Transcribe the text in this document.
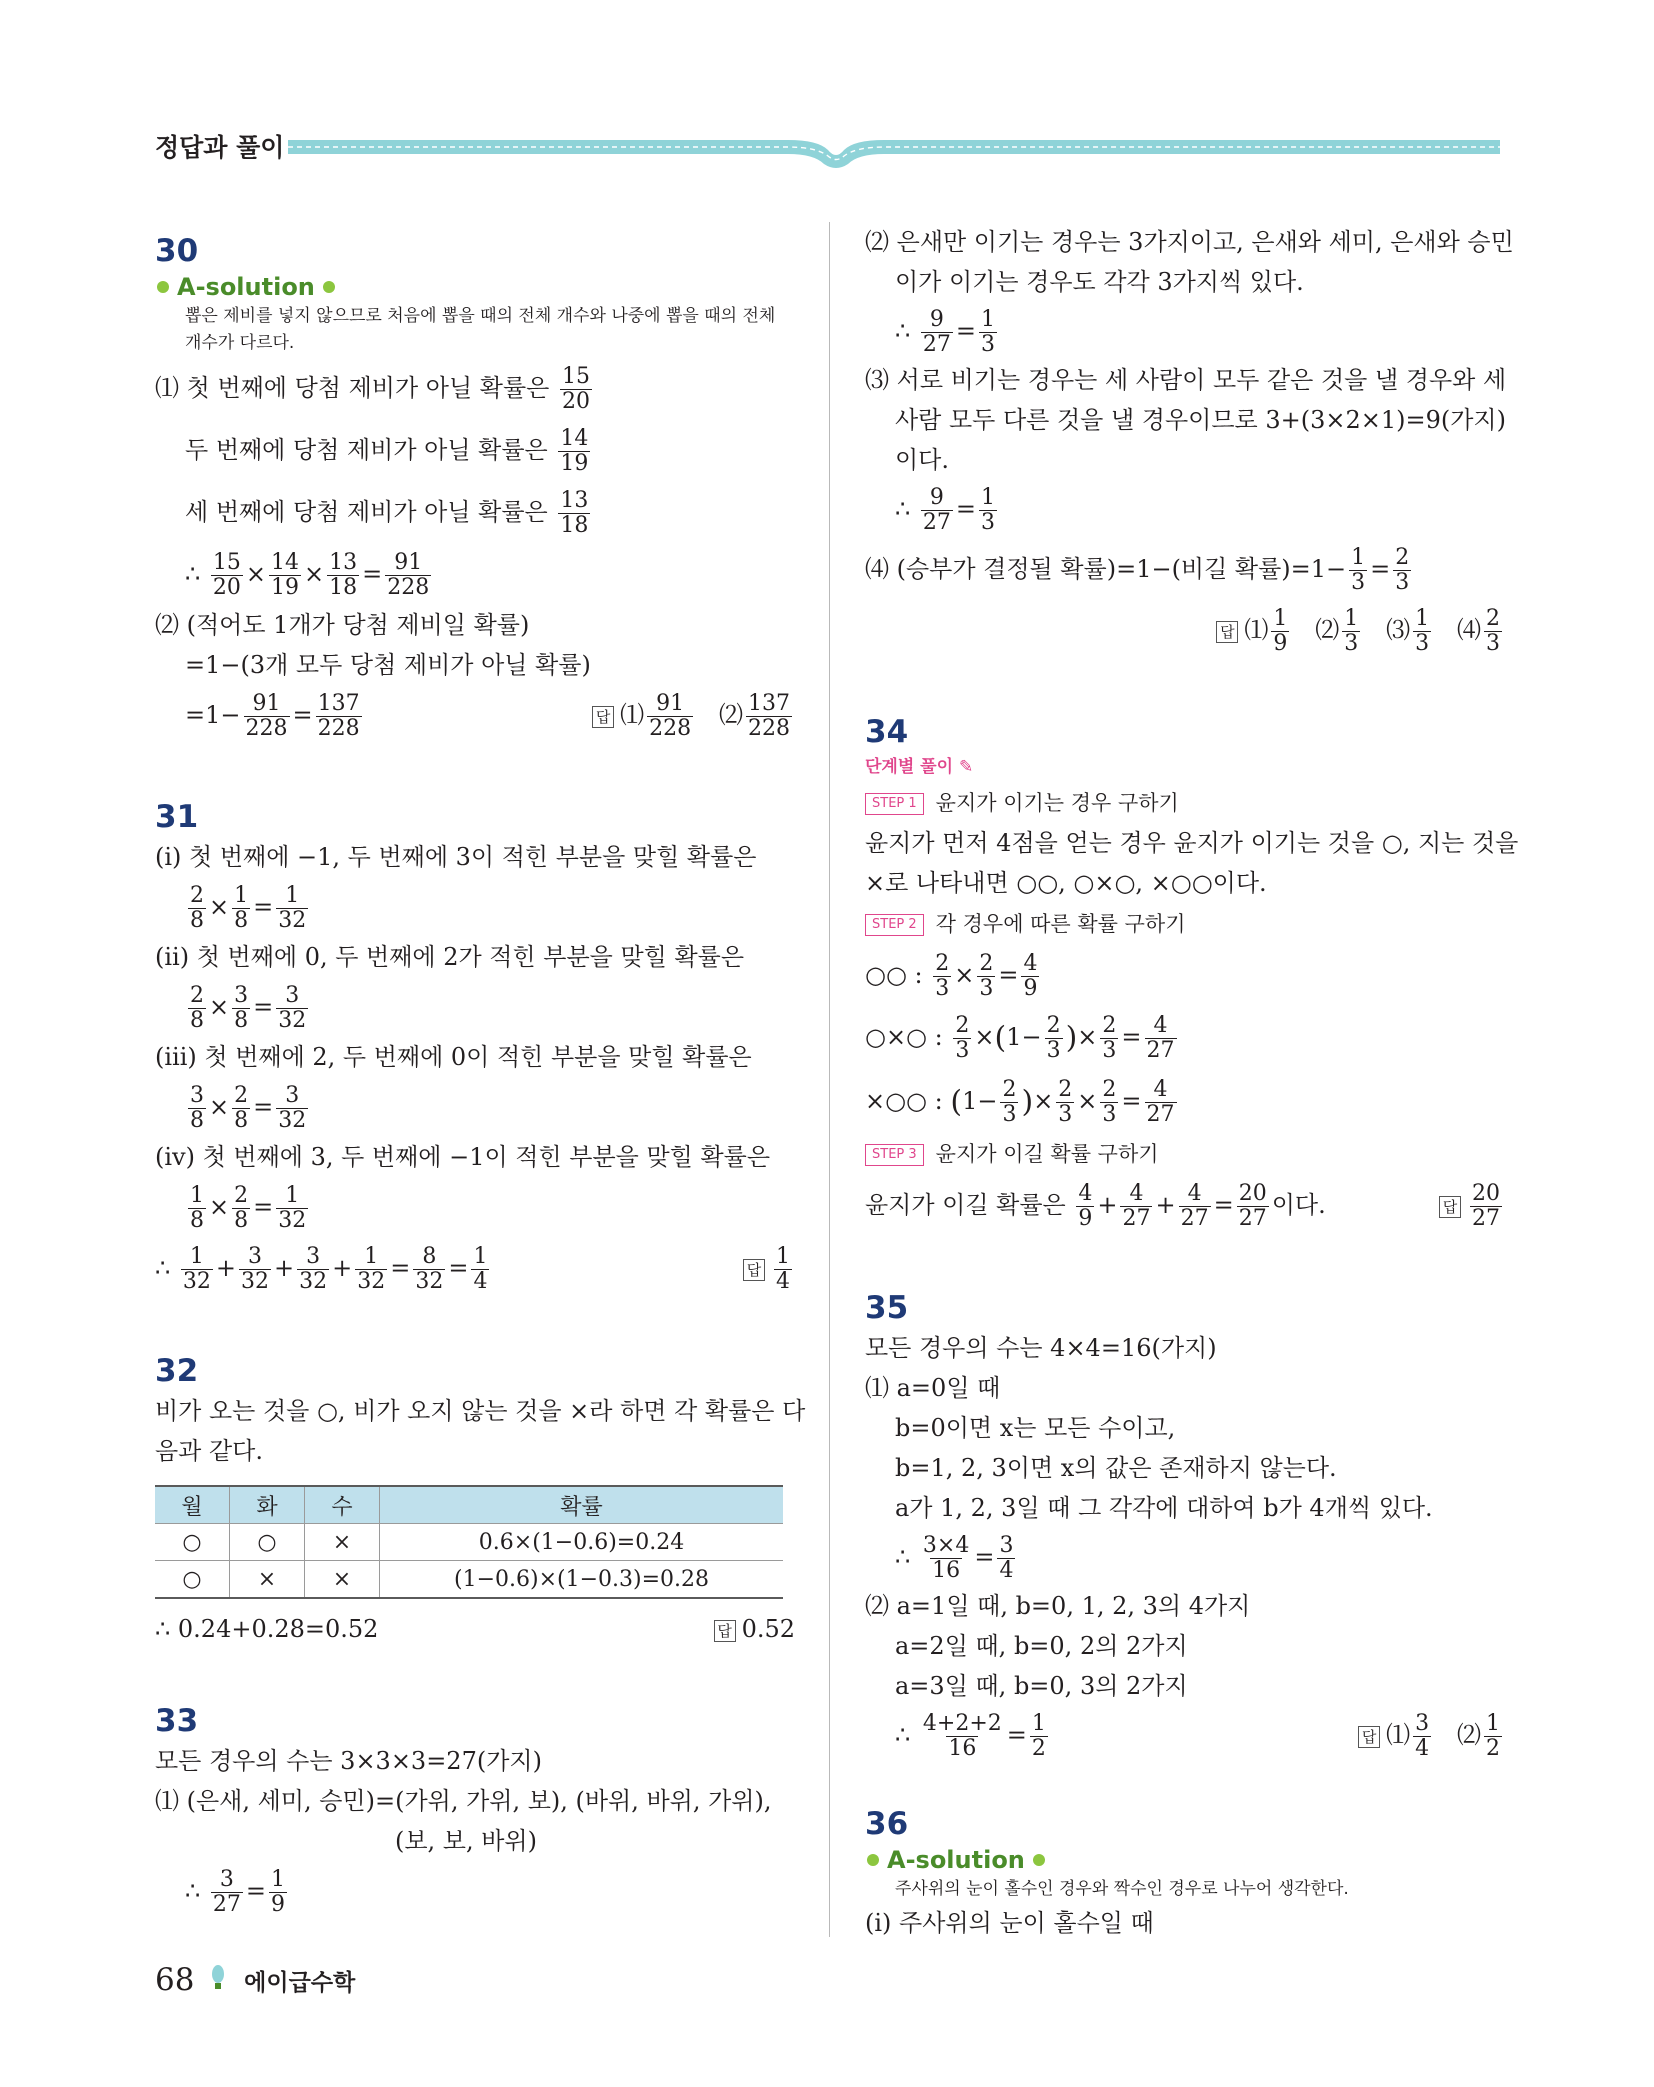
정답과 풀이
30
A-solution
뽑은 제비를 넣지 않으므로 처음에 뽑을 때의 전체 개수와 나중에 뽑을 때의 전체 개수가 다르다.
⑴ 첫 번째에 당첨 제비가 아닐 확률은 $\frac{15}{20}$
두 번째에 당첨 제비가 아닐 확률은 $\frac{14}{19}$
세 번째에 당첨 제비가 아닐 확률은 $\frac{13}{18}$
∴ $\frac{15}{20} \times \frac{14}{19} \times \frac{13}{18} = \frac{91}{228}$
⑵ (적어도 1개가 당첨 제비일 확률)
=1−(3개 모두 당첨 제비가 아닐 확률)
$=1- \frac{91}{228} = \frac{137}{228}$	답 ⑴ $\frac{91}{228}$ ⑵ $\frac{137}{228}$
31
(ⅰ) 첫 번째에 −1, 두 번째에 3이 적힌 부분을 맞힐 확률은
$\frac{2}{8} \times \frac{1}{8} = \frac{1}{32}$
(ⅱ) 첫 번째에 0, 두 번째에 2가 적힌 부분을 맞힐 확률은
$\frac{2}{8} \times \frac{3}{8} = \frac{3}{32}$
(ⅲ) 첫 번째에 2, 두 번째에 0이 적힌 부분을 맞힐 확률은
$\frac{3}{8} \times \frac{2}{8} = \frac{3}{32}$
(ⅳ) 첫 번째에 3, 두 번째에 −1이 적힌 부분을 맞힐 확률은
$\frac{1}{8} \times \frac{2}{8} = \frac{1}{32}$
∴ $\frac{1}{32} + \frac{3}{32} + \frac{3}{32} + \frac{1}{32} = \frac{8}{32} = \frac{1}{4}$	답 $\frac{1}{4}$
32
비가 오는 것을 ○, 비가 오지 않는 것을 ×라 하면 각 확률은 다
음과 같다.
월	화	수	확률
○	○	×	0.6×(1−0.6)=0.24
○	×	×	(1−0.6)×(1−0.3)=0.28
∴ 0.24+0.28=0.52	답 0.52
33
모든 경우의 수는 3×3×3=27(가지)
⑴ (은새, 세미, 승민)=(가위, 가위, 보), (바위, 바위, 가위),
(보, 보, 바위)
∴ $\frac{3}{27} = \frac{1}{9}$
⑵ 은새만 이기는 경우는 3가지이고, 은새와 세미, 은새와 승민
이가 이기는 경우도 각각 3가지씩 있다.
∴ $\frac{9}{27} = \frac{1}{3}$
⑶ 서로 비기는 경우는 세 사람이 모두 같은 것을 낼 경우와 세
사람 모두 다른 것을 낼 경우이므로 3+(3×2×1)=9(가지)
이다.
∴ $\frac{9}{27} = \frac{1}{3}$
⑷ (승부가 결정될 확률)=1−(비길 확률)$=1- \frac{1}{3} = \frac{2}{3}$
답 ⑴ $\frac{1}{9}$ ⑵ $\frac{1}{3}$ ⑶ $\frac{1}{3}$ ⑷ $\frac{2}{3}$
34
단계별 풀이 ✎
STEP 1 윤지가 이기는 경우 구하기
윤지가 먼저 4점을 얻는 경우 윤지가 이기는 것을 ○, 지는 것을
×로 나타내면 ○○, ○×○, ×○○이다.
STEP 2 각 경우에 따른 확률 구하기
○○ : $\frac{2}{3} \times \frac{2}{3} = \frac{4}{9}$
○×○ : $\frac{2}{3} \times(1- \frac{2}{3}$ )× $\frac{2}{3} = \frac{4}{27}$
×○○ : ($1- \frac{2}{3}$ )× $\frac{2}{3} \times \frac{2}{3} = \frac{4}{27}$
STEP 3 윤지가 이길 확률 구하기
윤지가 이길 확률은 $\frac{4}{9} + \frac{4}{27} + \frac{4}{27} = \frac{20}{27}$ 이다.	답 $\frac{20}{27}$
35
모든 경우의 수는 4×4=16(가지)
⑴ a=0일 때
b=0이면 x는 모든 수이고,
b=1, 2, 3이면 x의 값은 존재하지 않는다.
a가 1, 2, 3일 때 그 각각에 대하여 b가 4개씩 있다.
∴ $\frac{3\times 4}{16} = \frac{3}{4}$
⑵ a=1일 때, b=0, 1, 2, 3의 4가지
a=2일 때, b=0, 2의 2가지
a=3일 때, b=0, 3의 2가지
∴ $\frac{4+2+2}{16} = \frac{1}{2}$	답 ⑴ $\frac{3}{4}$ ⑵ $\frac{1}{2}$
36
A-solution
주사위의 눈이 홀수인 경우와 짝수인 경우로 나누어 생각한다.
(ⅰ) 주사위의 눈이 홀수일 때
68 에이급수학
